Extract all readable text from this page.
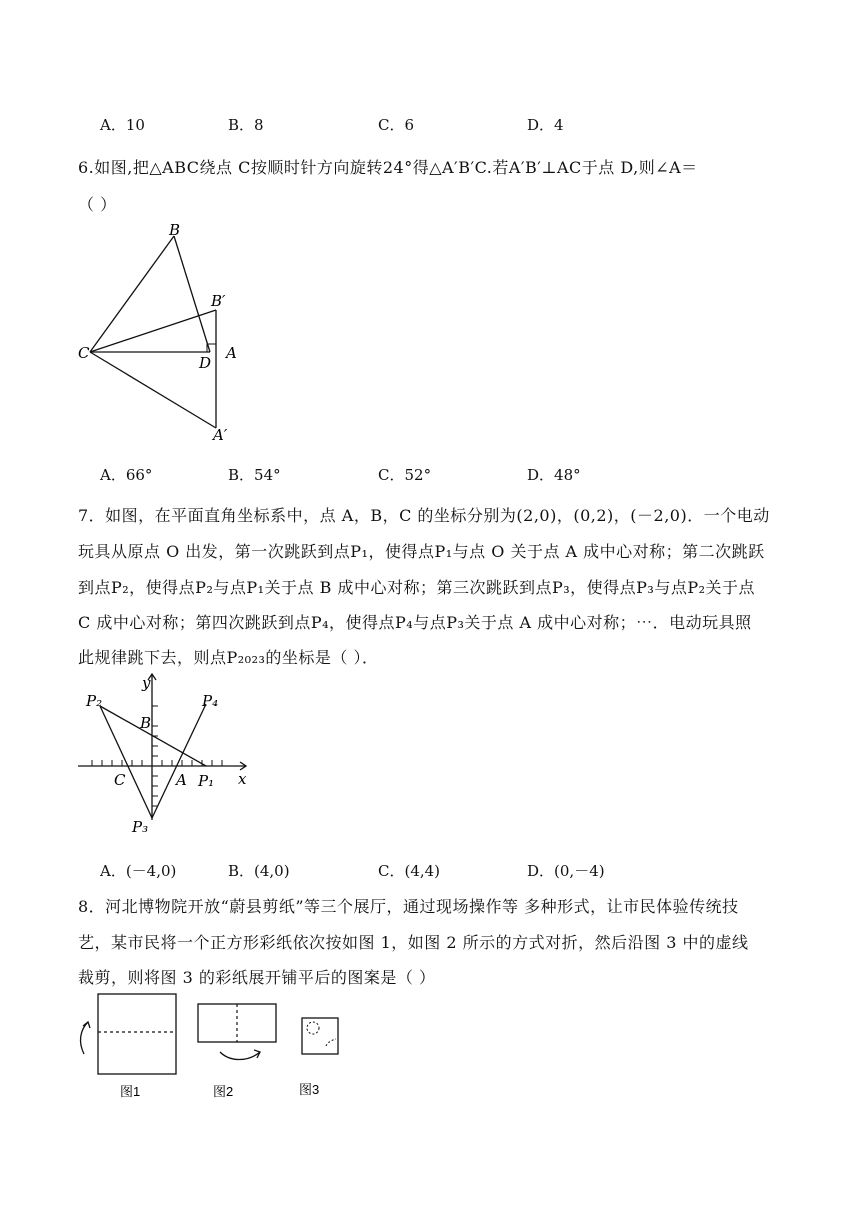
A．10	B．8	C．6	D．4
6.如图,把△ABC绕点 C按顺时针方向旋转24°得△A′B′C.若A′B′⊥AC于点 D,则∠A＝
（ ）
B
B′
C
D
A
A′
A．66°	B．54°	C．52°	D．48°
7．如图，在平面直角坐标系中，点 A，B，C 的坐标分别为(2,0)，(0,2)，(－2,0)．一个电动
玩具从原点 O 出发，第一次跳跃到点P₁，使得点P₁与点 O 关于点 A 成中心对称；第二次跳跃
到点P₂，使得点P₂与点P₁关于点 B 成中心对称；第三次跳跃到点P₃，使得点P₃与点P₂关于点
C 成中心对称；第四次跳跃到点P₄，使得点P₄与点P₃关于点 A 成中心对称；⋯．电动玩具照
此规律跳下去，则点P₂₀₂₃的坐标是（ ）．
y
x
P₂	P₄
B
C	A P₁
P₃
A．(－4,0)	B．(4,0)	C．(4,4)	D．(0,－4)
8．河北博物院开放“蔚县剪纸”等三个展厅，通过现场操作等 多种形式，让市民体验传统技
艺，某市民将一个正方形彩纸依次按如图 1，如图 2 所示的方式对折，然后沿图 3 中的虚线
裁剪，则将图 3 的彩纸展开铺平后的图案是（ ）
图1	图2	图3
